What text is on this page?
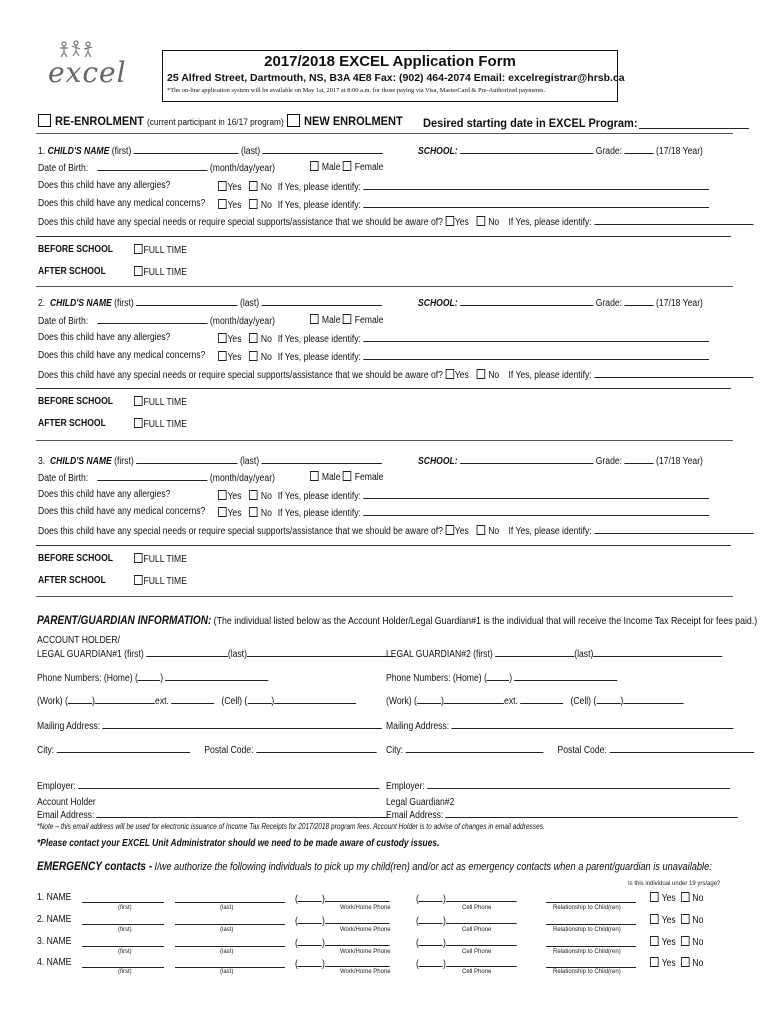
excel	2017/2018 EXCEL Application Form
25 Alfred Street, Dartmouth, NS, B3A 4E8 Fax: (902) 464-2074 Email: excelregistrar@hrsb.ca
*The on-line application system will be available on May 1st, 2017 at 8:00 a.m. for those paying via Visa, MasterCard & Pre-Authorized payments.
RE-ENROLMENT (current participant in 16/17 program)	NEW ENROLMENT	Desired starting date in EXCEL Program:
1. CHILD'S NAME (first)	(last)	SCHOOL:	Grade:	(17/18 Year)
Date of Birth:	(month/day/year)	Male Female
Does this child have any allergies?	Yes No If Yes, please identify:
Does this child have any medical concerns?	Yes No If Yes, please identify:
Does this child have any special needs or require special supports/assistance that we should be aware of? Yes No If Yes, please identify:
BEFORE SCHOOL	FULL TIME
AFTER SCHOOL	FULL TIME
2. CHILD'S NAME (first)	(last)	SCHOOL:	Grade:	(17/18 Year)
Date of Birth:	(month/day/year)	Male Female
Does this child have any allergies?	Yes No If Yes, please identify:
Does this child have any medical concerns?	Yes No If Yes, please identify:
Does this child have any special needs or require special supports/assistance that we should be aware of? Yes No If Yes, please identify:
BEFORE SCHOOL	FULL TIME
AFTER SCHOOL	FULL TIME
3. CHILD'S NAME (first)	(last)	SCHOOL:	Grade:	(17/18 Year)
Date of Birth:	(month/day/year)	Male Female
Does this child have any allergies?	Yes No If Yes, please identify:
Does this child have any medical concerns?	Yes No If Yes, please identify:
Does this child have any special needs or require special supports/assistance that we should be aware of? Yes No If Yes, please identify:
BEFORE SCHOOL	FULL TIME
AFTER SCHOOL	FULL TIME
PARENT/GUARDIAN INFORMATION: (The individual listed below as the Account Holder/Legal Guardian#1 is the individual that will receive the Income Tax Receipt for fees paid.)
ACCOUNT HOLDER/
LEGAL GUARDIAN#1 (first)	(last)	LEGAL GUARDIAN#2 (first)	(last)
Phone Numbers: (Home) ( )	Phone Numbers: (Home) ( )
(Work) ( )	ext.	(Cell) ( )	(Work) ( )	ext.	(Cell) ( )
Mailing Address:	Mailing Address:
City:	Postal Code:	City:	Postal Code:
Employer:	Employer:
Account Holder
Email Address:
Legal Guardian#2
Email Address:
*Note – this email address will be used for electronic issuance of Income Tax Receipts for 2017/2018 program fees. Account Holder is to advise of changes in email addresses.
*Please contact your EXCEL Unit Administrator should we need to be made aware of custody issues.
EMERGENCY contacts - I/we authorize the following individuals to pick up my child(ren) and/or act as emergency contacts when a parent/guardian is unavailable:
Is this individual under 19 yrs/age?
1. NAME	( )	( )	Yes No
(first)	(last)	Work/Home Phone	Cell Phone	Relationship to Child(ren)
2. NAME	( )	( )	Yes No
(first)	(last)	Work/Home Phone	Cell Phone	Relationship to Child(ren)
3. NAME	( )	( )	Yes No
(first)	(last)	Work/Home Phone	Cell Phone	Relationship to Child(ren)
4. NAME	( )	( )	Yes No
(first)	(last)	Work/Home Phone	Cell Phone	Relationship to Child(ren)
